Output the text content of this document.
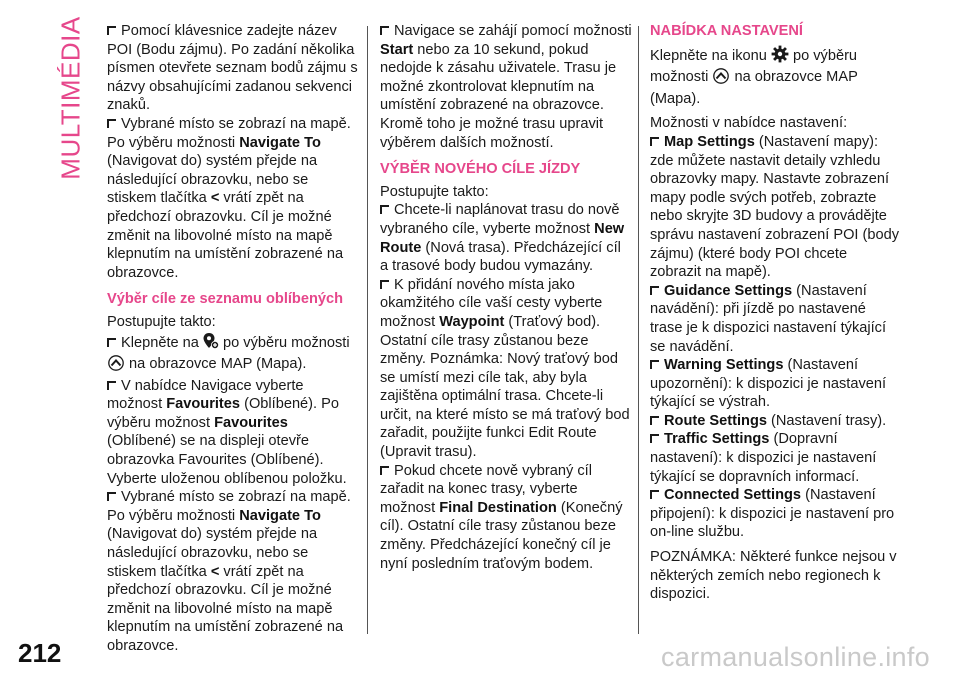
MULTIMÉDIA	Pomocí klávesnice zadejte název POI (Bodu zájmu). Po zadání několika písmen otevřete seznam bodů zájmu s názvy obsahujícími zadanou sekvenci znaků.

Vybrané místo se zobrazí na mapě. Po výběru možnosti Navigate To (Navigovat do) systém přejde na následující obrazovku, nebo se stiskem tlačítka < vrátí zpět na předchozí obrazovku. Cíl je možné změnit na libovolné místo na mapě klepnutím na umístění zobrazené na obrazovce.

Výběr cíle ze seznamu oblíbených

Postupujte takto:

Klepněte na  po výběru možnosti  na obrazovce MAP (Mapa).

V nabídce Navigace vyberte možnost Favourites (Oblíbené). Po výběru možnost Favourites (Oblíbené) se na displeji otevře obrazovka Favourites (Oblíbené). Vyberte uloženou oblíbenou položku.

Vybrané místo se zobrazí na mapě. Po výběru možnosti Navigate To (Navigovat do) systém přejde na následující obrazovku, nebo se stiskem tlačítka < vrátí zpět na předchozí obrazovku. Cíl je možné změnit na libovolné místo na mapě klepnutím na umístění zobrazené na obrazovce.

Navigace se zahájí pomocí možnosti Start nebo za 10 sekund, pokud nedojde k zásahu uživatele. Trasu je možné zkontrolovat klepnutím na umístění zobrazené na obrazovce. Kromě toho je možné trasu upravit výběrem dalších možností.

VÝBĚR NOVÉHO CÍLE JÍZDY

Postupujte takto:

Chcete-li naplánovat trasu do nově vybraného cíle, vyberte možnost New Route (Nová trasa). Předcházející cíl a trasové body budou vymazány.

K přidání nového místa jako okamžitého cíle vaší cesty vyberte možnost Waypoint (Traťový bod). Ostatní cíle trasy zůstanou beze změny. Poznámka: Nový traťový bod se umístí mezi cíle tak, aby byla zajištěna optimální trasa. Chcete-li určit, na které místo se má traťový bod zařadit, použijte funkci Edit Route (Upravit trasu).

Pokud chcete nově vybraný cíl zařadit na konec trasy, vyberte možnost Final Destination (Konečný cíl). Ostatní cíle trasy zůstanou beze změny. Předcházející konečný cíl je nyní posledním traťovým bodem.

NABÍDKA NASTAVENÍ

Klepněte na ikonu  po výběru možnosti  na obrazovce MAP (Mapa).

Možnosti v nabídce nastavení:

Map Settings (Nastavení mapy): zde můžete nastavit detaily vzhledu obrazovky mapy. Nastavte zobrazení mapy podle svých potřeb, zobrazte nebo skryjte 3D budovy a provádějte správu nastavení zobrazení POI (body zájmu) (které body POI chcete zobrazit na mapě).

Guidance Settings (Nastavení navádění): při jízdě po nastavené trase je k dispozici nastavení týkající se navádění.

Warning Settings (Nastavení upozornění): k dispozici je nastavení týkající se výstrah.

Route Settings (Nastavení trasy).

Traffic Settings (Dopravní nastavení): k dispozici je nastavení týkající se dopravních informací.

Connected Settings (Nastavení připojení): k dispozici je nastavení pro on-line službu.

POZNÁMKA: Některé funkce nejsou v některých zemích nebo regionech k dispozici.

212	carmanualsonline.info
